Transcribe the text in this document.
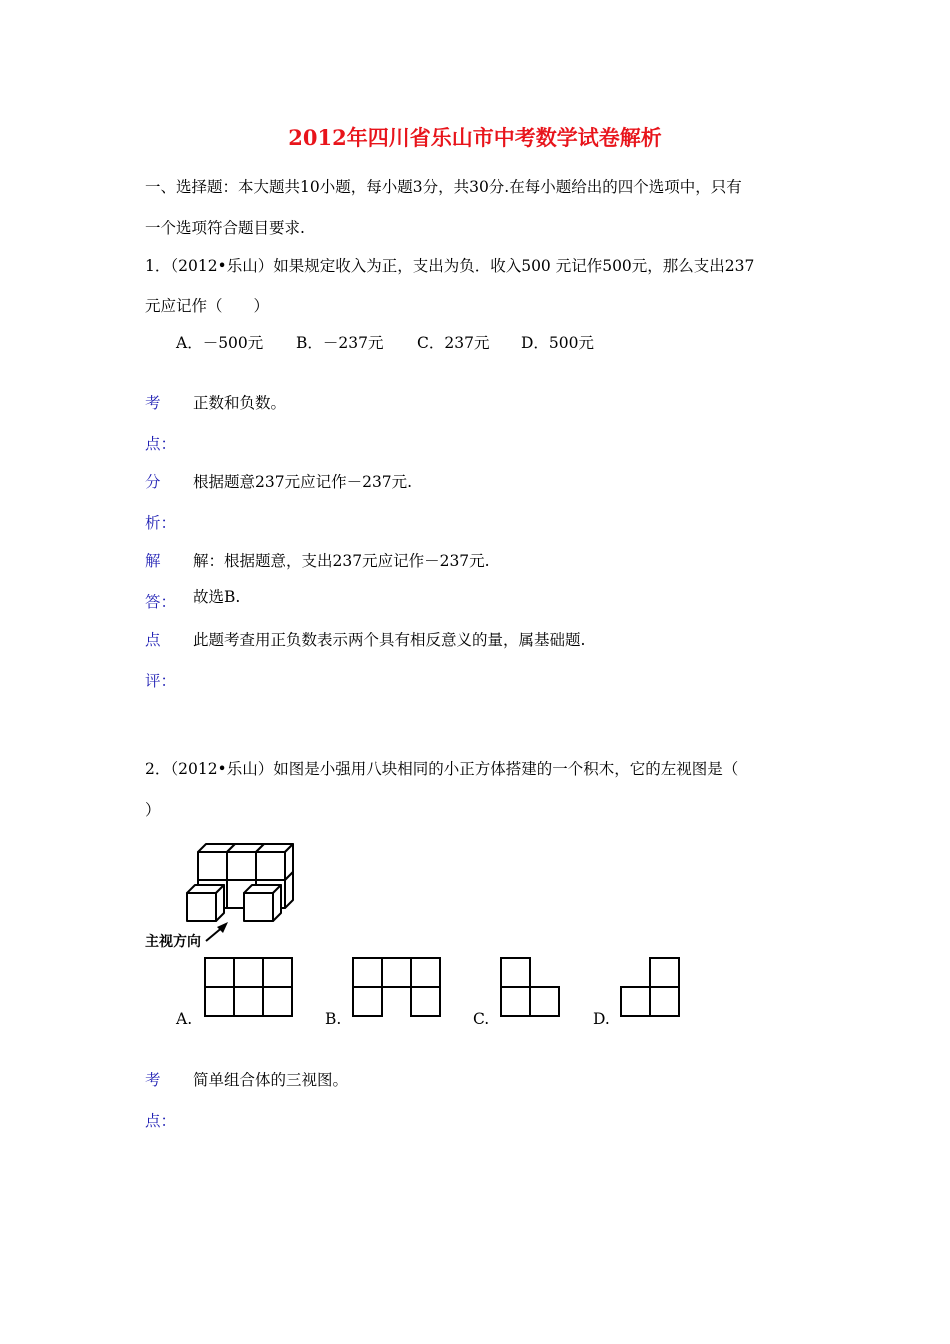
2012年四川省乐山市中考数学试卷解析
一、选择题：本大题共10小题，每小题3分，共30分.在每小题给出的四个选项中，只有
一个选项符合题目要求.
1．（2012•乐山）如果规定收入为正，支出为负．收入500 元记作500元，那么支出237
元应记作（　　）
A．－500元 B．－237元 C．237元 D．500元
考
点：
正数和负数。
分
析：
根据题意237元应记作－237元.
解
答：
解：根据题意，支出237元应记作－237元.
故选B.
点
评：
此题考查用正负数表示两个具有相反意义的量，属基础题.
2．（2012•乐山）如图是小强用八块相同的小正方体搭建的一个积木，它的左视图是（
）
主视方向
A.	B.	C.	D.
考
点：
简单组合体的三视图。
